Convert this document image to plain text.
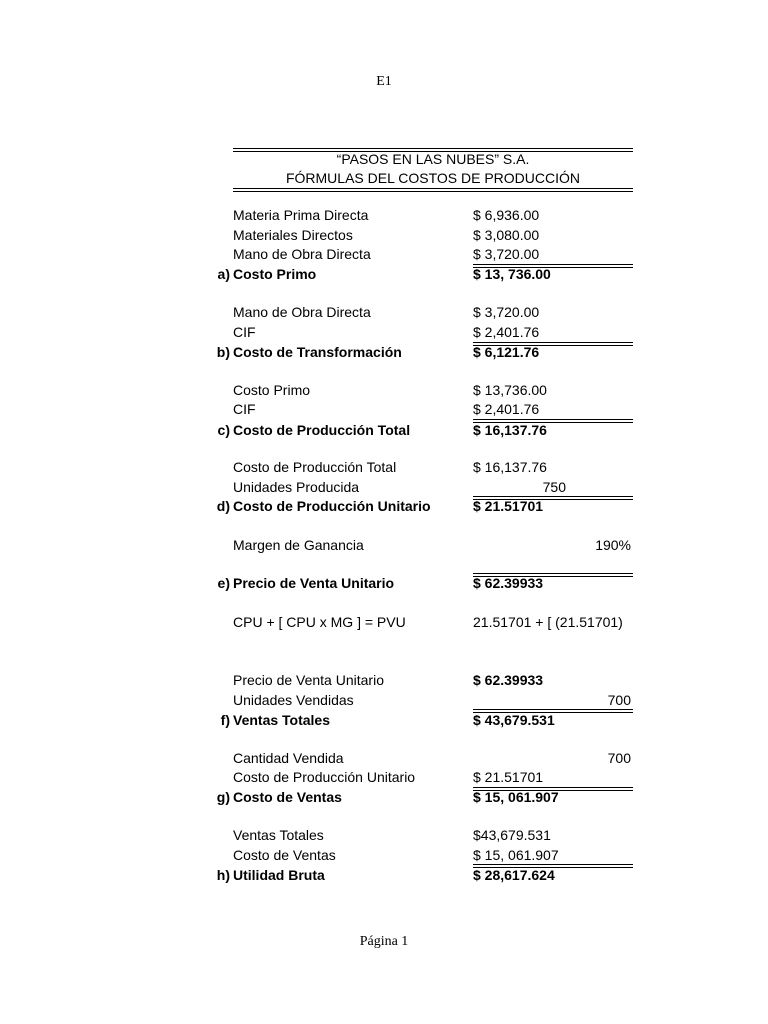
E1
“PASOS EN LAS NUBES” S.A.
FÓRMULAS DEL COSTOS DE PRODUCCIÓN
Materia Prima Directa	$ 6,936.00
Materiales Directos	$ 3,080.00
Mano de Obra Directa	$ 3,720.00
a) Costo Primo	$ 13, 736.00
Mano de Obra Directa	$ 3,720.00
CIF	$ 2,401.76
b) Costo de Transformación	$ 6,121.76
Costo Primo	$ 13,736.00
CIF	$ 2,401.76
c) Costo de Producción Total	$ 16,137.76
Costo de Producción Total	$ 16,137.76
Unidades Producida	750
d) Costo de Producción Unitario	$ 21.51701
Margen de Ganancia	190%
e) Precio de Venta Unitario	$ 62.39933
CPU + [ CPU x MG ] = PVU	21.51701 + [ (21.51701)
Precio de Venta Unitario	$ 62.39933
Unidades Vendidas	700
f) Ventas Totales	$ 43,679.531
Cantidad Vendida	700
Costo de Producción Unitario	$ 21.51701
g) Costo de Ventas	$ 15, 061.907
Ventas Totales	$43,679.531
Costo de Ventas	$ 15, 061.907
h) Utilidad Bruta	$ 28,617.624
Página 1
